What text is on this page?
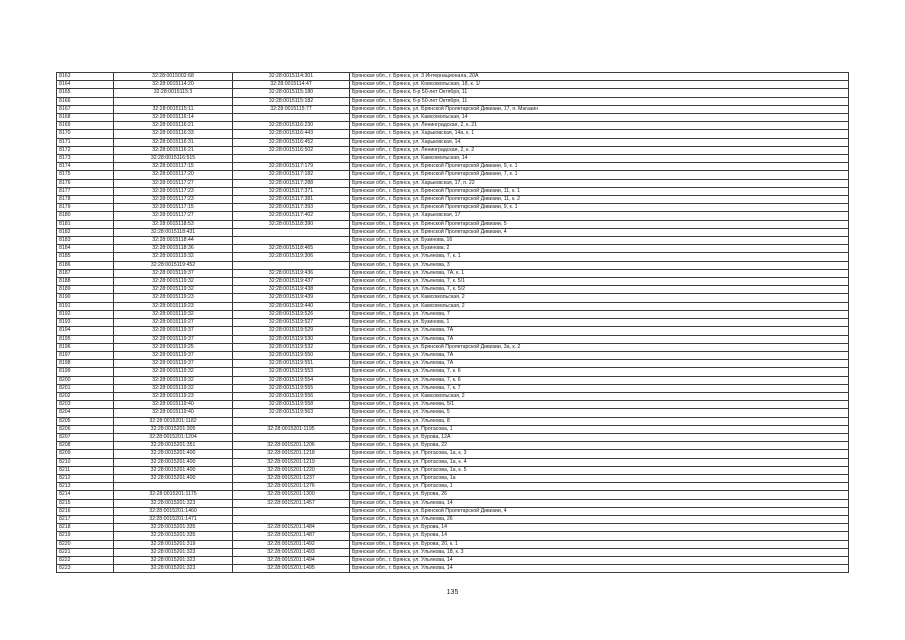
8163	32:28:0015002:68	32:28:0015114:301	Брянская обл., г. Брянск, ул. 3 Интернационала, 20А
8164	32:28:0015114:20	32:28:0015114:47	Брянская обл., г. Брянск, ул. Комсомольская, 18, к. 1/
8165	32:28:0015115:3	32:28:0015115:180	Брянская обл., г. Брянск, б-р 50-лет Октября, 11
8166		32:28:0015115:182	Брянская обл., г. Брянск, б-р 50-лет Октября, 11
8167	32:28:0015115:11	32:28:0015115:77	Брянская обл., г. Брянск, ул. Брянской Пролетарской Дивизии, 17, п. Магазин
8168	32:28:0015116:14		Брянская обл., г. Брянск, ул. Камсомольская, 14
8169	32:28:0015116:21	32:28:0015116:230	Брянская обл., г. Брянск, ул. Ленинградская, 2, к. 21
8170	32:28:0015116:33	32:28:0015116:443	Брянская обл., г. Брянск, ул. Харьковская, 14а, к. 1
8171	32:28:0015116:31	32:28:0015116:452	Брянская обл., г. Брянск, ул. Харьковская, 14
8172	32:28:0015116:21	32:28:0015116:502	Брянская обл., г. Брянск, ул. Ленинградская, 2, к. 2
8173	32:28:0015116:515		Брянская обл., г. Брянск, ул. Камсомольская, 14
8174	32:28:0015117:15	32:28:0015117:179	Брянская обл., г. Брянск, ул. Брянской Пролетарской Дивизии, 9, к. 1
8175	32:28:0015117:20	32:28:0015117:182	Брянская обл., г. Брянск, ул. Брянской Пролетарской Дивизии, 7, к. 1
8176	32:28:0015117:27	32:28:0015117:288	Брянская обл., г. Брянск, ул. Харьковская, 17, п. 22
8177	32:28:0015117:23	32:28:0015117:371	Брянская обл., г. Брянск, ул. Брянской Пролетарской Дивизии, 11, к. 1
8178	32:28:0015117:23	32:28:0015117:381	Брянская обл., г. Брянск, ул. Брянской Пролетарской Дивизии, 11, к. 2
8179	32:28:0015117:15	32:28:0015117:393	Брянская обл., г. Брянск, ул. Брянской Пролетарской Дивизии, 9, к. 1
8180	32:28:0015117:27	32:28:0015117:402	Брянская обл., г. Брянск, ул. Харьковская, 17
8181	32:28:0015118:53	32:28:0015118:390	Брянская обл., г. Брянск, ул. Брянской Пролетарской Дивизии, 5
8182	32:28:0015118:431		Брянская обл., г. Брянск, ул. Брянской Пролетарской Дивизии, 4
8183	32:28:0015118:44		Брянская обл., г. Брянск, ул. Бузинова, 16
8184	32:28:0015118:36	32:28:0015118:465	Брянская обл., г. Брянск, ул. Бузинова, 2
8185	32:28:0015119:32	32:28:0015119:306	Брянская обл., г. Брянск, ул. Ульянова, 7, к. 1
8186	32:28:0015119:452		Брянская обл., г. Брянск, ул. Ульянова, 3
8187	32:28:0015119:37	32:28:0015119:436	Брянская обл., г. Брянск, ул. Ульянова, 7А, к. 1
8188	32:28:0015119:32	32:28:0015119:437	Брянская обл., г. Брянск, ул. Ульянова, 7, к. 5/1
8189	32:28:0015119:32	32:28:0015119:438	Брянская обл., г. Брянск, ул. Ульянова, 7, к. 5/2
8190	32:28:0015119:23	32:28:0015119:439	Брянская обл., г. Брянск, ул. Камсомольская, 2
8191	32:28:0015119:23	32:28:0015119:440	Брянская обл., г. Брянск, ул. Камсомольская, 2
8192	32:28:0015119:32	32:28:0015119:526	Брянская обл., г. Брянск, ул. Ульянова, 7
8193	32:28:0015119:27	32:28:0015119:527	Брянская обл., г. Брянск, ул. Бузинова, 1
8194	32:28:0015119:37	32:28:0015119:529	Брянская обл., г. Брянск, ул. Ульянова, 7А
8195	32:28:0015119:37	32:28:0015119:530	Брянская обл., г. Брянск, ул. Ульянова, 7А
8196	32:28:0015119:25	32:28:0015119:532	Брянская обл., г. Брянск, ул. Брянской Пролетарской Дивизии, 3а, к. 2
8197	32:28:0015119:37	32:28:0015119:550	Брянская обл., г. Брянск, ул. Ульянова, 7А
8198	32:28:0015119:37	32:28:0015119:551	Брянская обл., г. Брянск, ул. Ульянова, 7А
8199	32:28:0015119:32	32:28:0015119:553	Брянская обл., г. Брянск, ул. Ульянова, 7, к. 6
8200	32:28:0015119:32	32:28:0015119:554	Брянская обл., г. Брянск, ул. Ульянова, 7, к. 6
8201	32:28:0015119:32	32:28:0015119:555	Брянская обл., г. Брянск, ул. Ульянова, 7, к. 7
8202	32:28:0015119:23	32:28:0015119:556	Брянская обл., г. Брянск, ул. Камсомольская, 2
8203	32:28:0015119:40	32:28:0015119:558	Брянская обл., г. Брянск, ул. Ульянова, 5/1
8204	32:28:0015119:40	32:28:0015119:563	Брянская обл., г. Брянск, ул. Ульянова, 5
8205	32:28:0015201:1182		Брянская обл., г. Брянск, ул. Ульянова, 8
8206	32:28:0015201:305	32:28:0015201:1195	Брянская обл., г. Брянск, ул. Протасова, 1
8207	32:28:0015201:1204		Брянская обл., г. Брянск, ул. Бурова, 12А
8208	32:28:0015201:351	32:28:0015201:1206	Брянская обл., г. Брянск, ул. Бурова, 22
8209	32:28:0015201:400	32:28:0015201:1218	Брянская обл., г. Брянск, ул. Протасова, 1а, к. 3
8210	32:28:0015201:400	32:28:0015201:1219	Брянская обл., г. Брянск, ул. Протасова, 1а, к. 4
8211	32:28:0015201:400	32:28:0015201:1220	Брянская обл., г. Брянск, ул. Протасова, 1а, к. 5
8212	32:28:0015201:400	32:28:0015201:1237	Брянская обл., г. Брянск, ул. Протасова, 1а
8213		32:28:0015201:1276	Брянская обл., г. Брянск, ул. Протасова, 1
8214	32:28:0015201:1175	32:28:0015201:1300	Брянская обл., г. Брянск, ул. Бурова, 26
8215	32:28:0015201:323	32:28:0015201:1457	Брянская обл., г. Брянск, ул. Ульянова, 14
8216	32:28:0015201:1460		Брянская обл., г. Брянск, ул. Брянской Пролетарской Дивизии, 4
8217	32:28:0015201:1471		Брянская обл., г. Брянск, ул. Ульянова, 26
8218	32:28:0015201:335	32:28:0015201:1484	Брянская обл., г. Брянск, ул. Бурова, 14
8219	32:28:0015201:335	32:28:0015201:1487	Брянская обл., г. Брянск, ул. Бурова, 14
8220	32:28:0015201:319	32:28:0015201:1492	Брянская обл., г. Брянск, ул. Бурова, 20, к. 1
8221	32:28:0015201:323	32:28:0015201:1493	Брянская обл., г. Брянск, ул. Ульянова, 18, к. 3
8222	32:28:0015201:323	32:28:0015201:1494	Брянская обл., г. Брянск, ул. Ульянова, 14
8223	32:28:0015201:323	32:28:0015201:1495	Брянская обл., г. Брянск, ул. Ульянова, 14
135
